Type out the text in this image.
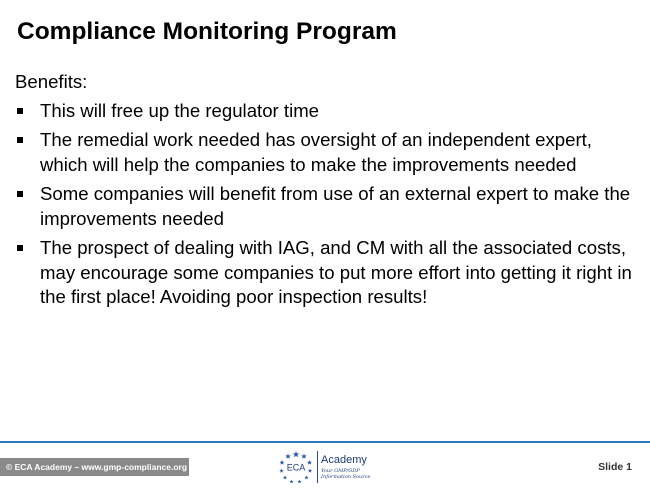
Compliance Monitoring Program
Benefits:
This will free up the regulator time
The remedial work needed has oversight of an independent expert, which will help the companies to make the improvements needed
Some companies will benefit from use of an external expert to make the improvements needed
The prospect of dealing with IAG, and CM with all the associated costs, may encourage some companies to put more effort into getting it right in the first place! Avoiding poor inspection results!
© ECA Academy – www.gmp-compliance.org	ECA
Academy
Your GMP/GDP
Information Source
Slide 1
